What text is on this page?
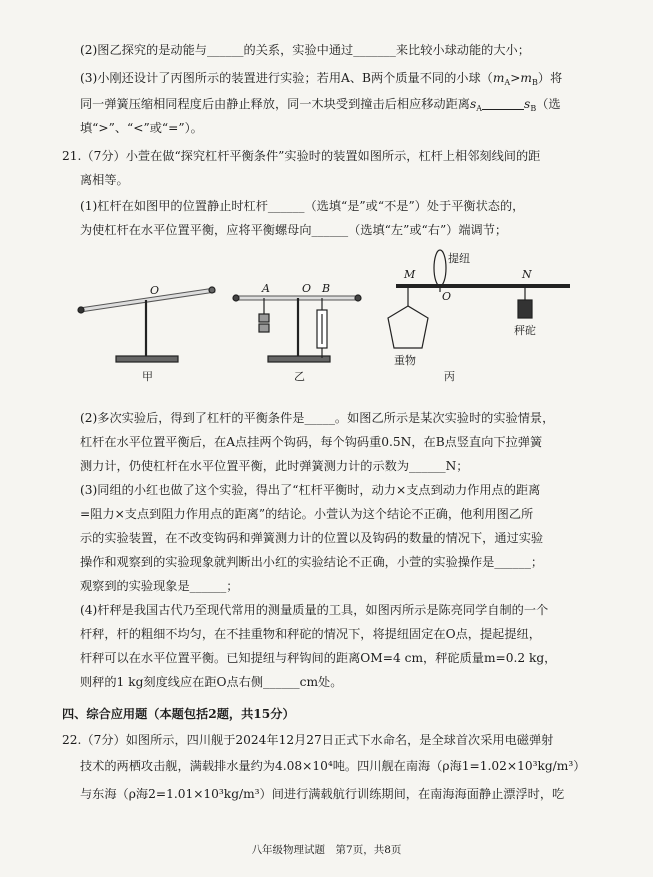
(2)图乙探究的是动能与______的关系，实验中通过_______来比较小球动能的大小；
(3)小刚还设计了丙图所示的装置进行实验；若用A、B两个质量不同的小球$(m_A>m_B)$将
同一弹簧压缩相同程度后由静止释放，同一木块受到撞击后相应移动距离$s_A$	$s_B$（选
填“>”、“<”或“=”）。
21.（7分）小萱在做“探究杠杆平衡条件”实验时的装置如图所示，杠杆上相邻刻线间的距
离相等。
(1)杠杆在如图甲的位置静止时杠杆______（选填“是”或“不是”）处于平衡状态的，
为使杠杆在水平位置平衡，应将平衡螺母向______（选填“左”或“右”）端调节；
O	A	O B
M
O
提纽
N
重物
秤砣
甲	乙	丙
(2)多次实验后，得到了杠杆的平衡条件是_____。如图乙所示是某次实验时的实验情景，
杠杆在水平位置平衡后，在A点挂两个钩码，每个钩码重0.5N，在B点竖直向下拉弹簧
测力计，仍使杠杆在水平位置平衡，此时弹簧测力计的示数为______N；
(3)同组的小红也做了这个实验，得出了“杠杆平衡时，动力×支点到动力作用点的距离
=阻力×支点到阻力作用点的距离”的结论。小萱认为这个结论不正确，他利用图乙所
示的实验装置，在不改变钩码和弹簧测力计的位置以及钩码的数量的情况下，通过实验
操作和观察到的实验现象就判断出小红的实验结论不正确，小萱的实验操作是______；
观察到的实验现象是______；
(4)杆秤是我国古代乃至现代常用的测量质量的工具，如图丙所示是陈亮同学自制的一个
杆秤，杆的粗细不均匀，在不挂重物和秤砣的情况下，将提纽固定在O点，提起提纽，
杆秤可以在水平位置平衡。已知提纽与秤钩间的距离OM=4 cm，秤砣质量m=0.2 kg，
则秤的1 kg刻度线应在距O点右侧______cm处。
四、综合应用题（本题包括2题，共15分）
22.（7分）如图所示，四川舰于2024年12月27日正式下水命名，是全球首次采用电磁弹射
技术的两栖攻击舰，满载排水量约为4.08×10⁴吨。四川舰在南海（ρ海1=1.02×10³kg/m³）
与东海（ρ海2=1.01×10³kg/m³）间进行满载航行训练期间，在南海海面静止漂浮时，吃
八年级物理试题　第7页，共8页
